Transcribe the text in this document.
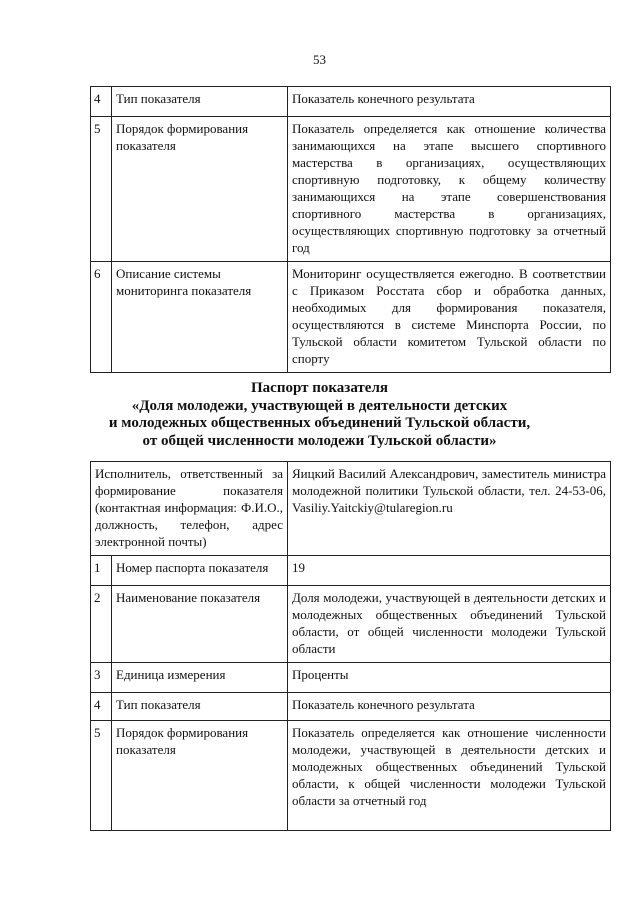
53
4	Тип показателя	Показатель конечного результата
5	Порядок формирования показателя	Показатель определяется как отношение количества занимающихся на этапе высшего спортивного мастерства в организациях, осуществляющих спортивную подготовку, к общему количеству занимающихся на этапе совершенствования спортивного мастерства в организациях, осуществляющих спортивную подготовку за отчетный год
6	Описание системы мониторинга показателя	Мониторинг осуществляется ежегодно. В соответствии с Приказом Росстата сбор и обработка данных, необходимых для формирования показателя, осуществляются в системе Минспорта России, по Тульской области комитетом Тульской области по спорту
Паспорт показателя
«Доля молодежи, участвующей в деятельности детских
и молодежных общественных объединений Тульской области,
от общей численности молодежи Тульской области»
Исполнитель, ответственный за формирование показателя (контактная информация: Ф.И.О., должность, телефон, адрес электронной почты)		Яицкий Василий Александрович, заместитель министра молодежной политики Тульской области, тел. 24-53-06, Vasiliy.Yaitckiy@tularegion.ru
1	Номер паспорта показателя	19
2	Наименование показателя	Доля молодежи, участвующей в деятельности детских и молодежных общественных объединений Тульской области, от общей численности молодежи Тульской области
3	Единица измерения	Проценты
4	Тип показателя	Показатель конечного результата
5	Порядок формирования показателя	Показатель определяется как отношение численности молодежи, участвующей в деятельности детских и молодежных общественных объединений Тульской области, к общей численности молодежи Тульской области за отчетный год
